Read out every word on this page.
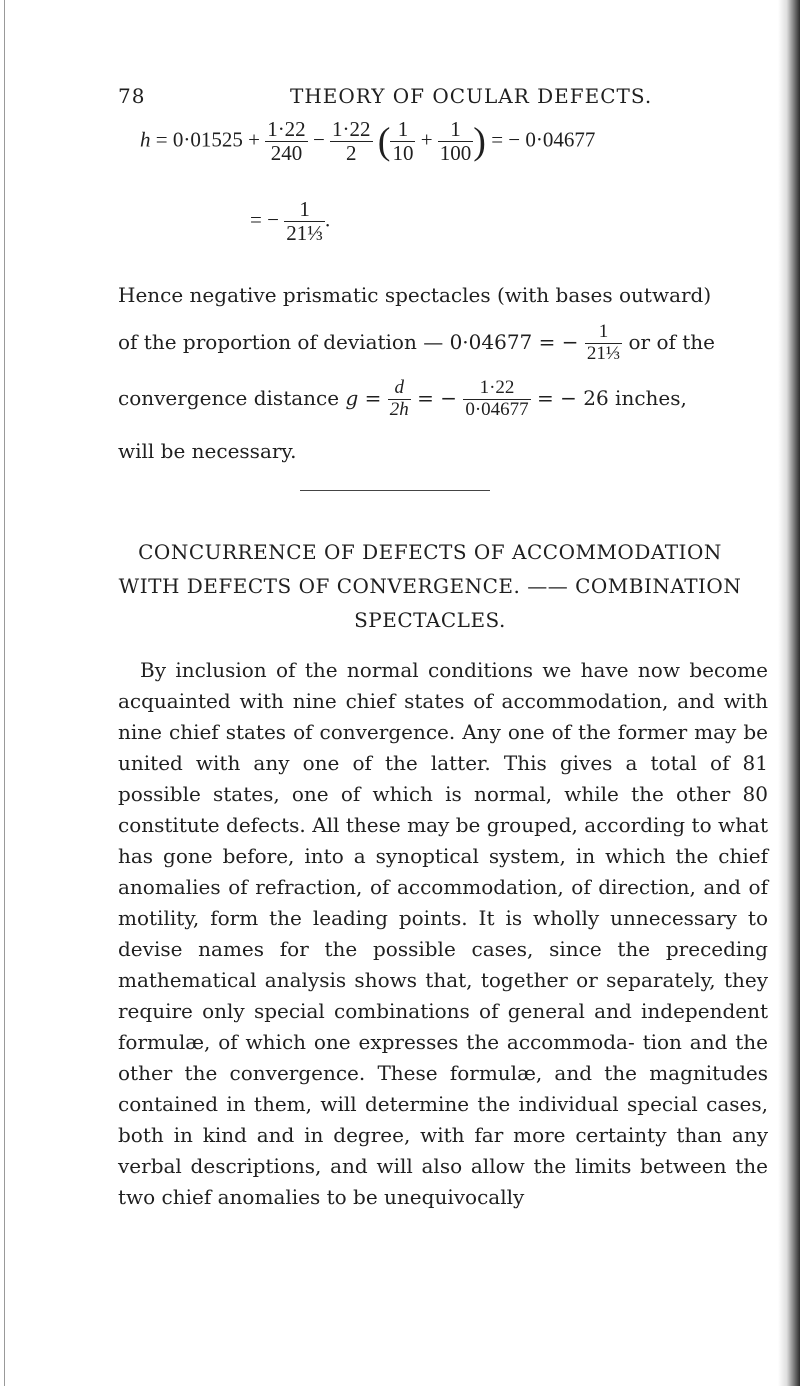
78	THEORY OF OCULAR DEFECTS.
$h = 0\cdot 01525 + \frac{1\cdot 22}{240} - \frac{1\cdot 22}{2}$ ( $\frac{1}{10} + \frac{1}{100}$ ) = − 0·04677
= − $\frac{1}{\text{21⅓}}$ .
Hence negative prismatic spectacles (with bases outward)
of the proportion of deviation — 0·04677 = − $\frac{1}{\text{21⅓}}$ or of the
convergence distance $g = \frac{d}{2h}$ = − $\frac{1\cdot 22}{0\cdot 04677}$ = − 26 inches,
will be necessary.
CONCURRENCE OF DEFECTS OF ACCOMMODATION
WITH DEFECTS OF CONVERGENCE. —— COMBINATION
SPECTACLES.
By inclusion of the normal conditions we have now become acquainted with nine chief states of accommodation, and with nine chief states of convergence. Any one of the former may be united with any one of the latter. This gives a total of 81 possible states, one of which is normal, while the other 80 constitute defects. All these may be grouped, according to what has gone before, into a synoptical system, in which the chief anomalies of refraction, of accommodation, of direction, and of motility, form the leading points. It is wholly unnecessary to devise names for the possible cases, since the preceding mathematical analysis shows that, together or separately, they require only special combinations of general and independent formulæ, of which one expresses the accommoda- tion and the other the convergence. These formulæ, and the magnitudes contained in them, will determine the individual special cases, both in kind and in degree, with far more certainty than any verbal descriptions, and will also allow the limits between the two chief anomalies to be unequivocally
